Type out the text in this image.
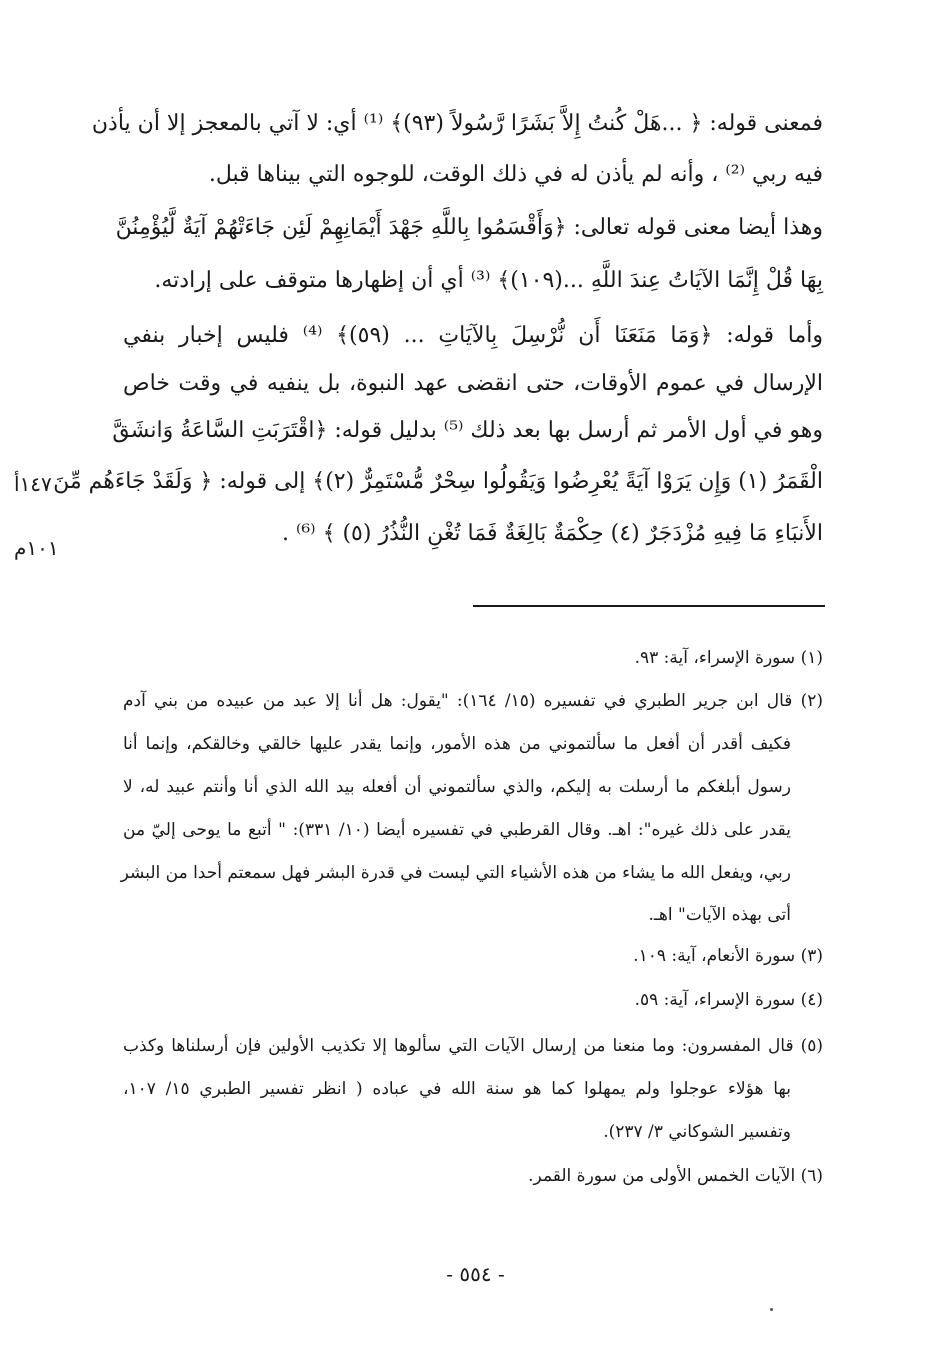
فمعنى قوله: ﴿ ...هَلْ كُنتُ إِلاَّ بَشَرًا رَّسُولاً (٩٣)﴾ ⁽¹⁾ أي: لا آتي بالمعجز إلا أن يأذن
فيه ربي ⁽²⁾ ، وأنه لم يأذن له في ذلك الوقت، للوجوه التي بيناها قبل.
وهذا أيضا معنى قوله تعالى: ﴿وَأَقْسَمُوا بِاللَّهِ جَهْدَ أَيْمَانِهِمْ لَئِن جَاءَتْهُمْ آيَةٌ لَّيُؤْمِنُنَّ
بِهَا قُلْ إِنَّمَا الآيَاتُ عِندَ اللَّهِ ...(١٠٩)﴾ ⁽³⁾ أي أن إظهارها متوقف على إرادته.
وأما قوله: ﴿وَمَا مَنَعَنَا أَن نُّرْسِلَ بِالآيَاتِ ... (٥٩)﴾ ⁽⁴⁾ فليس إخبار بنفي
الإرسال في عموم الأوقات، حتى انقضى عهد النبوة، بل ينفيه في وقت خاص
وهو في أول الأمر ثم أرسل بها بعد ذلك ⁽⁵⁾ بدليل قوله: ﴿اقْتَرَبَتِ السَّاعَةُ وَانشَقَّ
الْقَمَرُ (١) وَإِن يَرَوْا آيَةً يُعْرِضُوا وَيَقُولُوا سِحْرٌ مُّسْتَمِرٌّ (٢)﴾ إلى قوله: ﴿ وَلَقَدْ جَاءَهُم مِّنَ
الأَنبَاءِ مَا فِيهِ مُزْدَجَرٌ (٤) حِكْمَةٌ بَالِغَةٌ فَمَا تُغْنِ النُّذُرُ (٥) ﴾ ⁽⁶⁾ .
١٤٧أ
١٠١م
(١) سورة الإسراء، آية: ٩٣.
(٢) قال ابن جرير الطبري في تفسيره (١٥/ ١٦٤): "يقول: هل أنا إلا عبد من عبيده من بني آدم
فكيف أقدر أن أفعل ما سألتموني من هذه الأمور، وإنما يقدر عليها خالقي وخالقكم، وإنما أنا
رسول أبلغكم ما أرسلت به إليكم، والذي سألتموني أن أفعله بيد الله الذي أنا وأنتم عبيد له، لا
يقدر على ذلك غيره": اهـ. وقال القرطبي في تفسيره أيضا (١٠/ ٣٣١): " أتبع ما يوحى إليّ من
ربي، ويفعل الله ما يشاء من هذه الأشياء التي ليست في قدرة البشر فهل سمعتم أحدا من البشر
أتى بهذه الآيات" اهـ.
(٣) سورة الأنعام، آية: ١٠٩.
(٤) سورة الإسراء، آية: ٥٩.
(٥) قال المفسرون: وما منعنا من إرسال الآيات التي سألوها إلا تكذيب الأولين فإن أرسلناها وكذب
بها هؤلاء عوجلوا ولم يمهلوا كما هو سنة الله في عباده ( انظر تفسير الطبري ١٥/ ١٠٧،
وتفسير الشوكاني ٣/ ٢٣٧).
(٦) الآيات الخمس الأولى من سورة القمر.
- ٥٥٤ -
